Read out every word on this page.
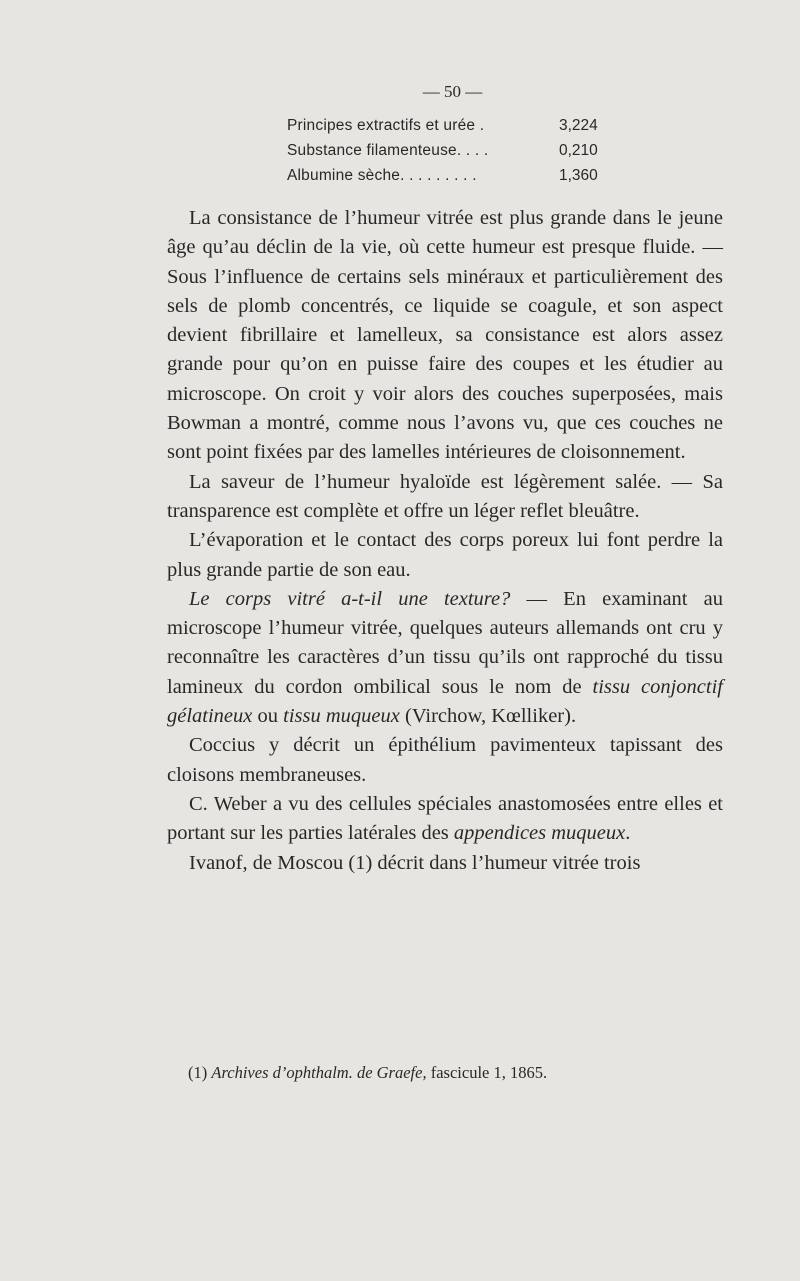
— 50 —
Principes extractifs et urée .	3,224
Substance filamenteuse. . . .	0,210
Albumine sèche. . . . . . . . .	1,360

La consistance de l’humeur vitrée est plus grande dans le jeune âge qu’au déclin de la vie, où cette humeur est presque fluide. — Sous l’influence de certains sels minéraux et particulièrement des sels de plomb concentrés, ce liquide se coagule, et son aspect devient fibrillaire et lamelleux, sa consistance est alors assez grande pour qu’on en puisse faire des coupes et les étudier au microscope. On croit y voir alors des couches superposées, mais Bowman a montré, comme nous l’avons vu, que ces couches ne sont point fixées par des lamelles intérieures de cloisonnement.

La saveur de l’humeur hyaloïde est légèrement salée. — Sa transparence est complète et offre un léger reflet bleuâtre.

L’évaporation et le contact des corps poreux lui font perdre la plus grande partie de son eau.

Le corps vitré a-t-il une texture? — En examinant au microscope l’humeur vitrée, quelques auteurs allemands ont cru y reconnaître les caractères d’un tissu qu’ils ont rapproché du tissu lamineux du cordon ombilical sous le nom de tissu conjonctif gélatineux ou tissu muqueux (Virchow, Kœlliker).

Coccius y décrit un épithélium pavimenteux tapissant des cloisons membraneuses.

C. Weber a vu des cellules spéciales anastomosées entre elles et portant sur les parties latérales des appendices muqueux.

Ivanof, de Moscou (1) décrit dans l’humeur vitrée trois

(1) Archives d’ophthalm. de Graefe, fascicule 1, 1865.
